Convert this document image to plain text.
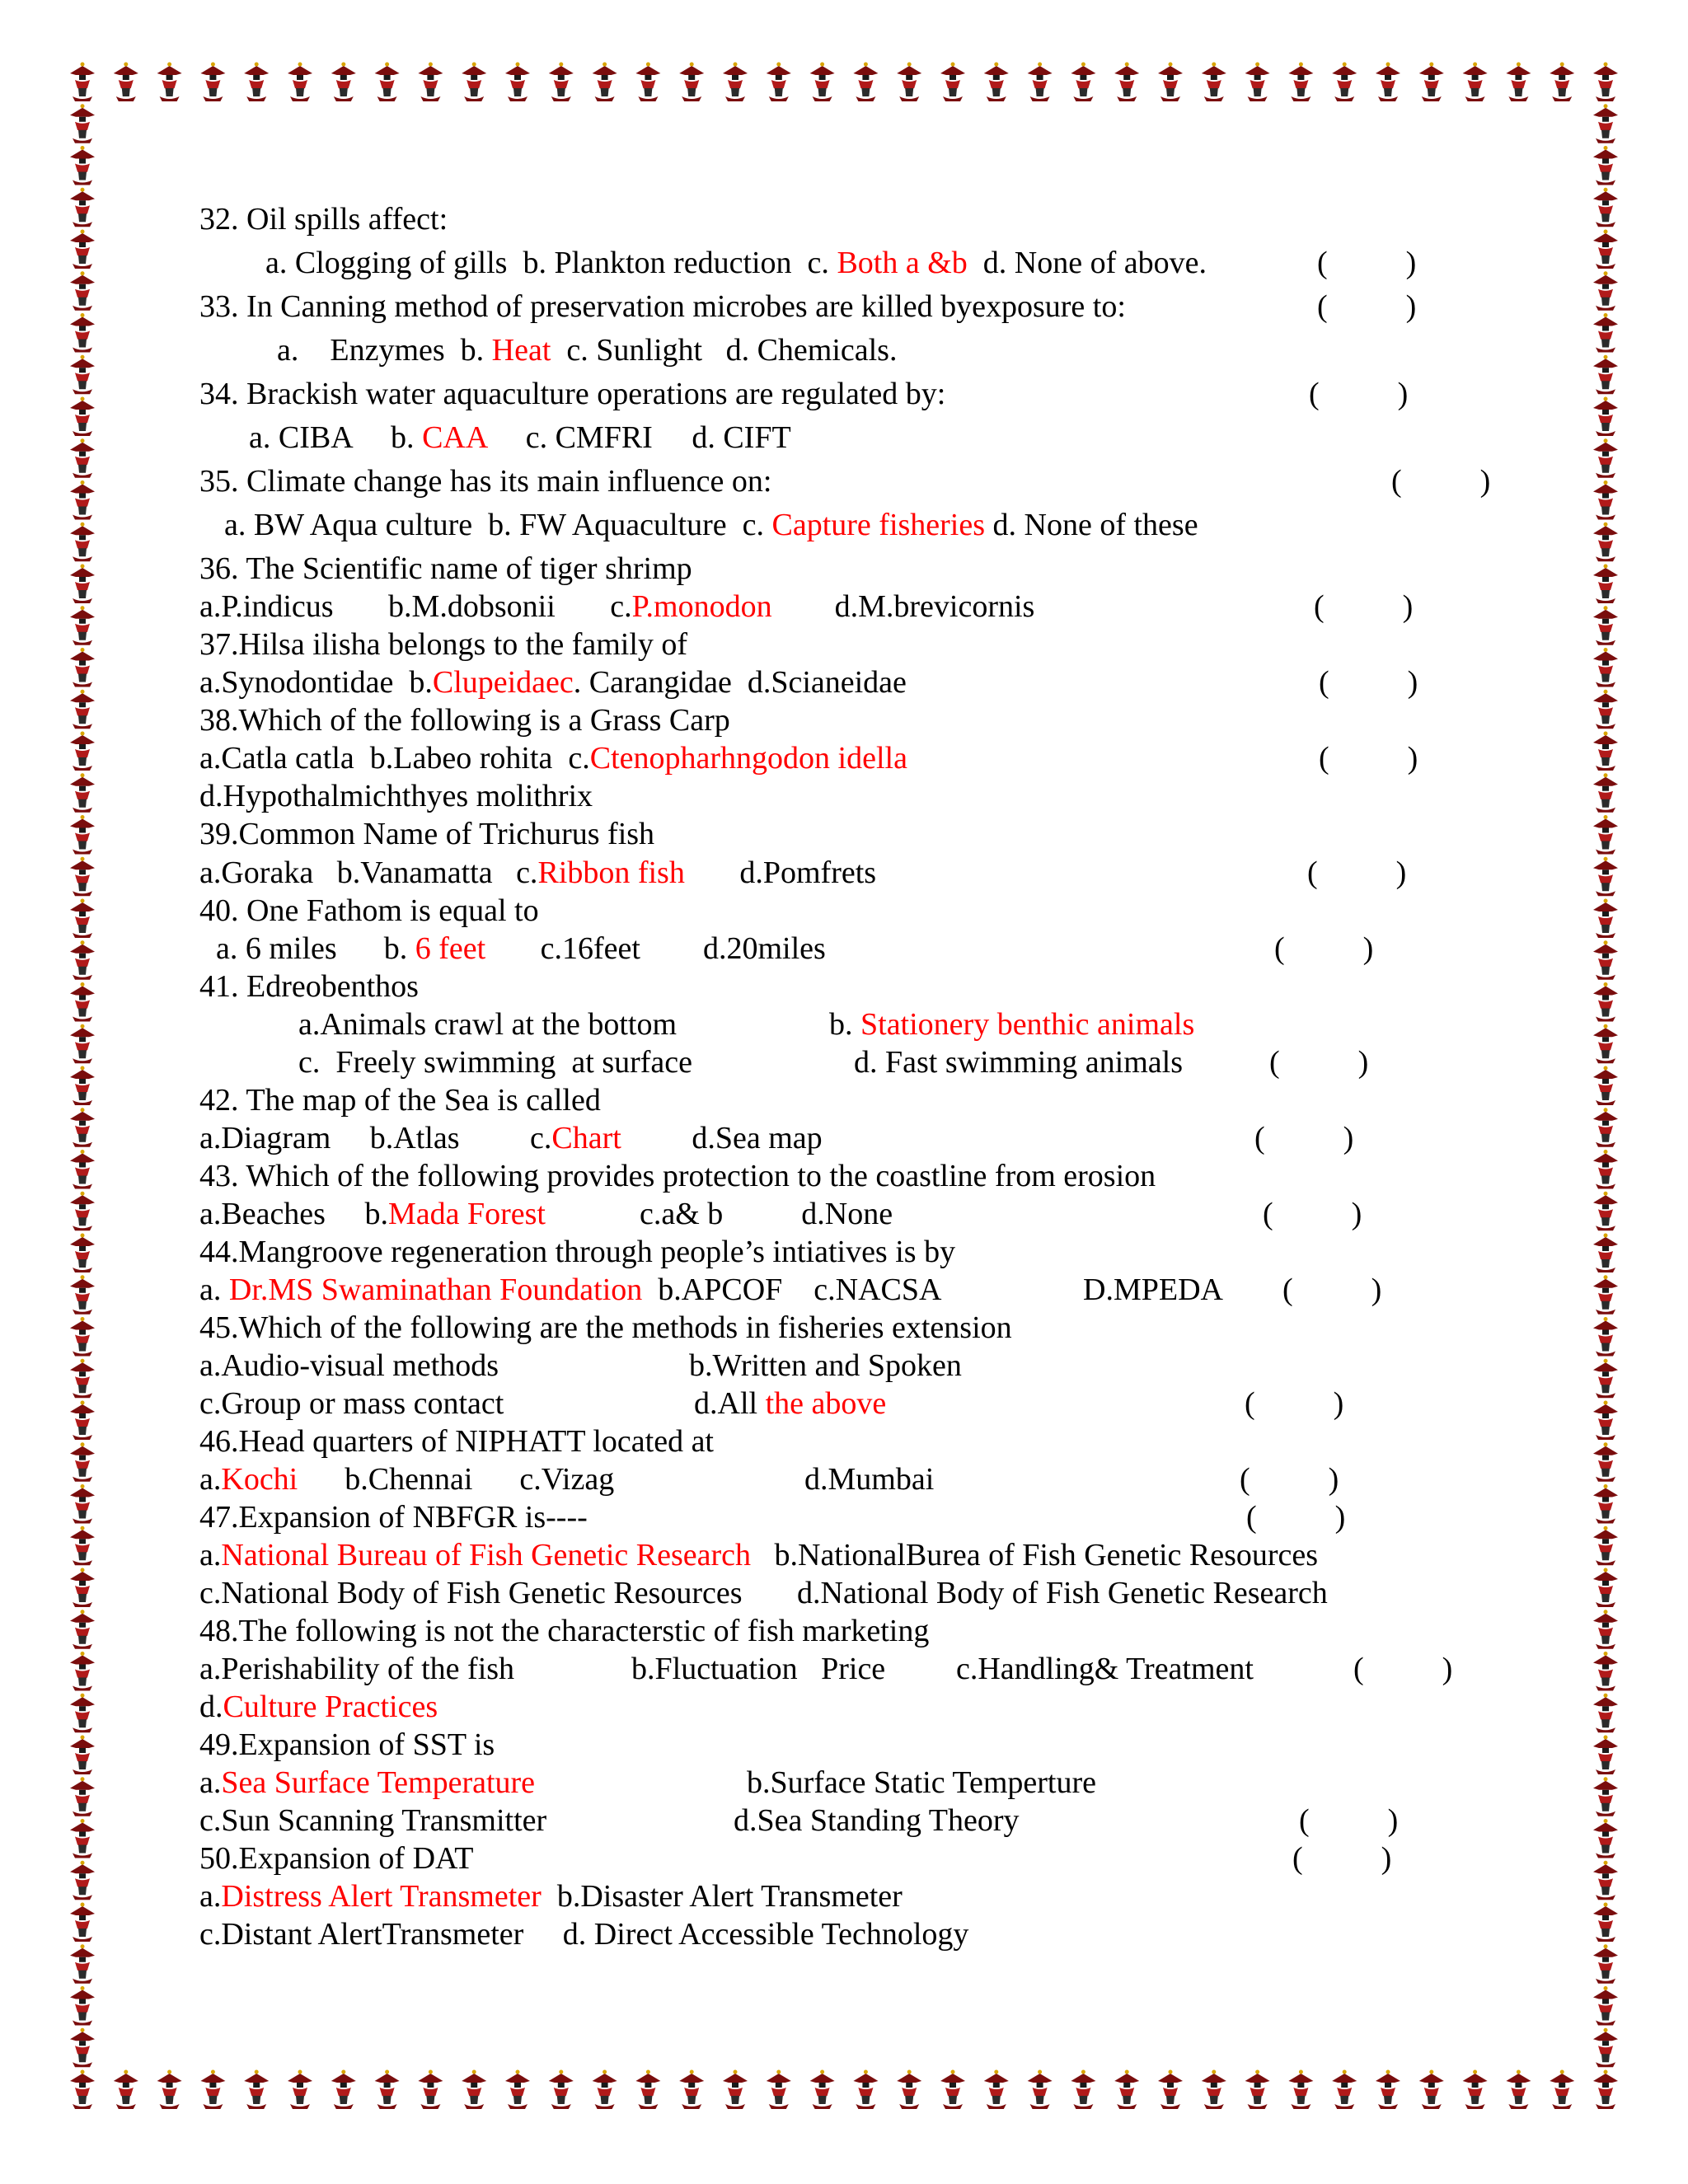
32. Oil spills affect:
a. Clogging of gills  b. Plankton reduction  c. Both a &b  d. None of above.
33. In Canning method of preservation microbes are killed byexposure to:
a.    Enzymes  b. Heat  c. Sunlight   d. Chemicals.
34. Brackish water aquaculture operations are regulated by:
a. CIBA     b. CAA     c. CMFRI     d. CIFT
35. Climate change has its main influence on:
a. BW Aqua culture  b. FW Aquaculture  c. Capture fisheries d. None of these
36. The Scientific name of tiger shrimp
a.P.indicus       b.M.dobsonii       c.P.monodon        d.M.brevicornis
37.Hilsa ilisha belongs to the family of
a.Synodontidae  b.Clupeidaec. Carangidae  d.Scianeidae
38.Which of the following is a Grass Carp
a.Catla catla  b.Labeo rohita  c.Ctenopharhngodon idella
d.Hypothalmichthyes molithrix
39.Common Name of Trichurus fish
a.Goraka   b.Vanamatta   c.Ribbon fish       d.Pomfrets
40. One Fathom is equal to
a. 6 miles      b. 6 feet       c.16feet        d.20miles
41. Edreobenthos
a.Animals crawl at the bottom	b. Stationery benthic animals
c.  Freely swimming  at surface	d. Fast swimming animals
42. The map of the Sea is called
a.Diagram     b.Atlas         c.Chart         d.Sea map
43. Which of the following provides protection to the coastline from erosion
a.Beaches     b.Mada Forest            c.a& b          d.None
44.Mangroove regeneration through people’s intiatives is by
a. Dr.MS Swaminathan Foundation  b.APCOF    c.NACSA	D.MPEDA
45.Which of the following are the methods in fisheries extension
a.Audio-visual methods	b.Written and Spoken
c.Group or mass contact	d.All the above
46.Head quarters of NIPHATT located at
a.Kochi      b.Chennai      c.Vizag	d.Mumbai
47.Expansion of NBFGR is----
a.National Bureau of Fish Genetic Research   b.NationalBurea of Fish Genetic Resources
c.National Body of Fish Genetic Resources       d.National Body of Fish Genetic Research
48.The following is not the characterstic of fish marketing
a.Perishability of the fish	b.Fluctuation   Price c.Handling& Treatment
d.Culture Practices
49.Expansion of SST is
a.Sea Surface Temperature	b.Surface Static Temperture
c.Sun Scanning Transmitter	d.Sea Standing Theory
50.Expansion of DAT
a.Distress Alert Transmeter  b.Disaster Alert Transmeter
c.Distant AlertTransmeter     d. Direct Accessible Technology
(          )
(          )
(          )
(          )
(          )
(          )
(          )
(          )
(          )
(          )
(          )
(          )
(          )
(          )
(          )
(          )
(          )
(          )
(          )
